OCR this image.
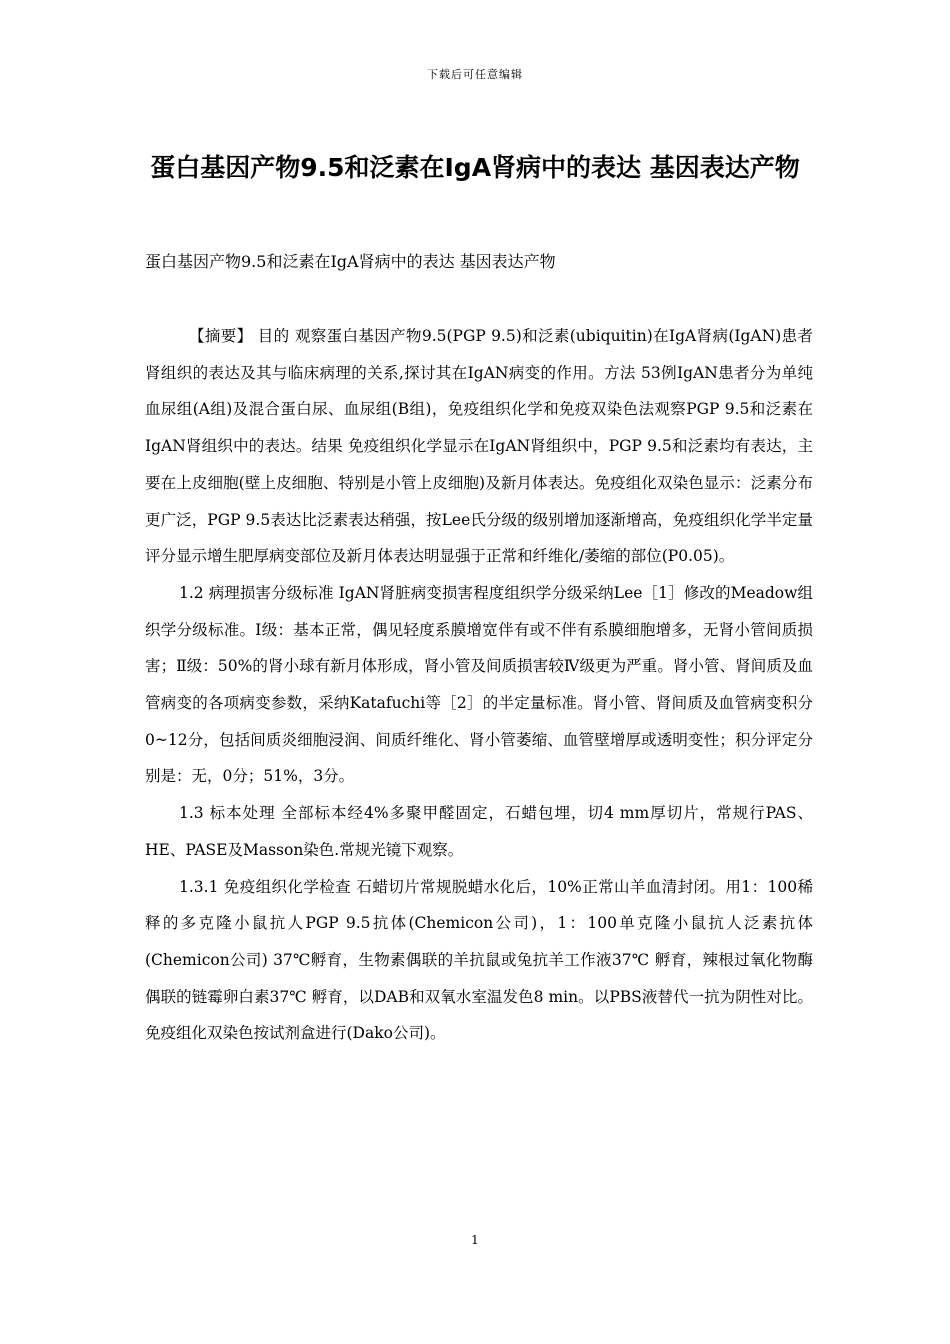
下载后可任意编辑
蛋白基因产物9.5和泛素在IgA肾病中的表达 基因表达产物

蛋白基因产物9.5和泛素在IgA肾病中的表达 基因表达产物

【摘要】 目的 观察蛋白基因产物9.5(PGP 9.5)和泛素(ubiquitin)在IgA肾病(IgAN)患者肾组织的表达及其与临床病理的关系,探讨其在IgAN病变的作用。方法 53例IgAN患者分为单纯血尿组(A组)及混合蛋白尿、血尿组(B组)，免疫组织化学和免疫双染色法观察PGP 9.5和泛素在IgAN肾组织中的表达。结果 免疫组织化学显示在IgAN肾组织中，PGP 9.5和泛素均有表达，主要在上皮细胞(壁上皮细胞、特别是小管上皮细胞)及新月体表达。免疫组化双染色显示：泛素分布更广泛，PGP 9.5表达比泛素表达稍强，按Lee氏分级的级别增加逐渐增高，免疫组织化学半定量评分显示增生肥厚病变部位及新月体表达明显强于正常和纤维化/萎缩的部位(P0.05)。

1.2 病理损害分级标准 IgAN肾脏病变损害程度组织学分级采纳Lee［1］修改的Meadow组织学分级标准。Ⅰ级：基本正常，偶见轻度系膜增宽伴有或不伴有系膜细胞增多，无肾小管间质损害；Ⅱ级：50%的肾小球有新月体形成，肾小管及间质损害较Ⅳ级更为严重。肾小管、肾间质及血管病变的各项病变参数，采纳Katafuchi等［2］的半定量标准。肾小管、肾间质及血管病变积分0~12分，包括间质炎细胞浸润、间质纤维化、肾小管萎缩、血管壁增厚或透明变性；积分评定分别是：无，0分；51%，3分。

1.3 标本处理 全部标本经4%多聚甲醛固定，石蜡包埋，切4 mm厚切片，常规行PAS、HE、PASE及Masson染色.常规光镜下观察。

1.3.1 免疫组织化学检查 石蜡切片常规脱蜡水化后，10%正常山羊血清封闭。用1：100稀释的多克隆小鼠抗人PGP 9.5抗体(Chemicon公司)，1：100单克隆小鼠抗人泛素抗体(Chemicon公司) 37℃孵育，生物素偶联的羊抗鼠或兔抗羊工作液37℃ 孵育，辣根过氧化物酶偶联的链霉卵白素37℃ 孵育，以DAB和双氧水室温发色8 min。以PBS液替代一抗为阴性对比。免疫组化双染色按试剂盒进行(Dako公司)。

1
